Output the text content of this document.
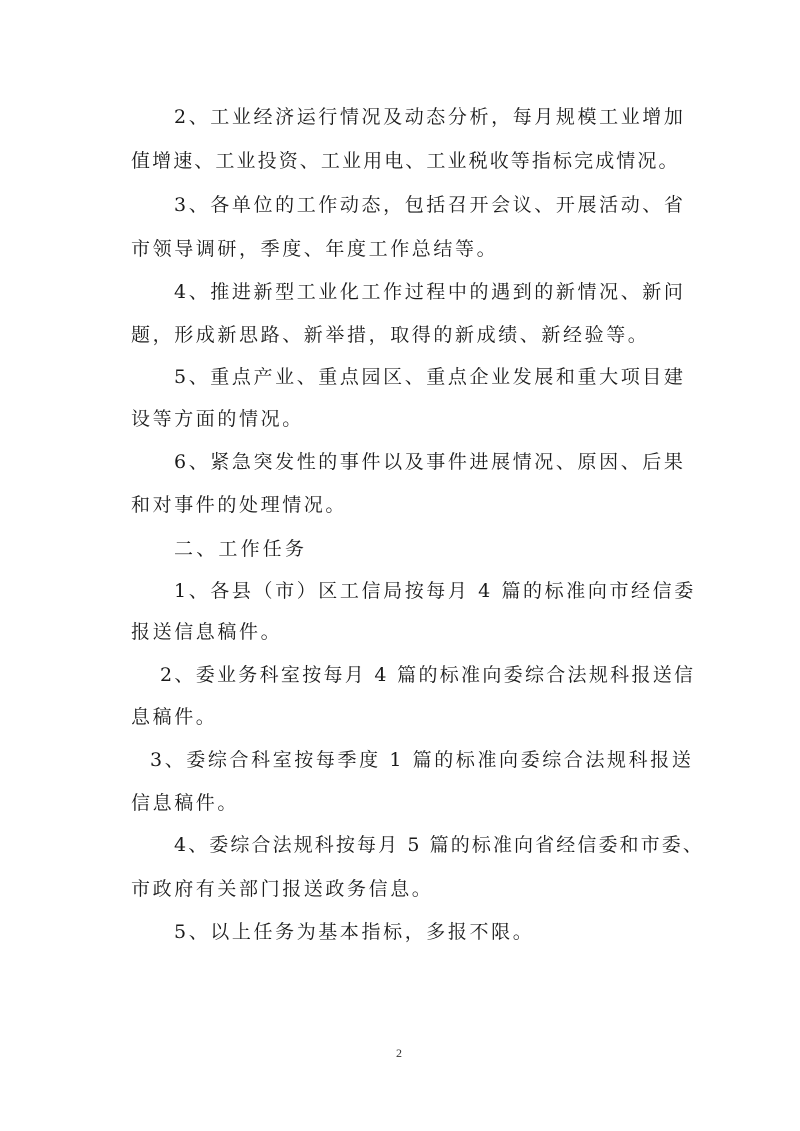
2、工业经济运行情况及动态分析，每月规模工业增加
值增速、工业投资、工业用电、工业税收等指标完成情况。
3、各单位的工作动态，包括召开会议、开展活动、省
市领导调研，季度、年度工作总结等。
4、推进新型工业化工作过程中的遇到的新情况、新问
题，形成新思路、新举措，取得的新成绩、新经验等。
5、重点产业、重点园区、重点企业发展和重大项目建
设等方面的情况。
6、紧急突发性的事件以及事件进展情况、原因、后果
和对事件的处理情况。
二、工作任务
1、各县（市）区工信局按每月 4 篇的标准向市经信委
报送信息稿件。
2、委业务科室按每月 4 篇的标准向委综合法规科报送信
息稿件。
3、委综合科室按每季度 1 篇的标准向委综合法规科报送
信息稿件。
4、委综合法规科按每月 5 篇的标准向省经信委和市委、
市政府有关部门报送政务信息。
5、以上任务为基本指标，多报不限。
2
